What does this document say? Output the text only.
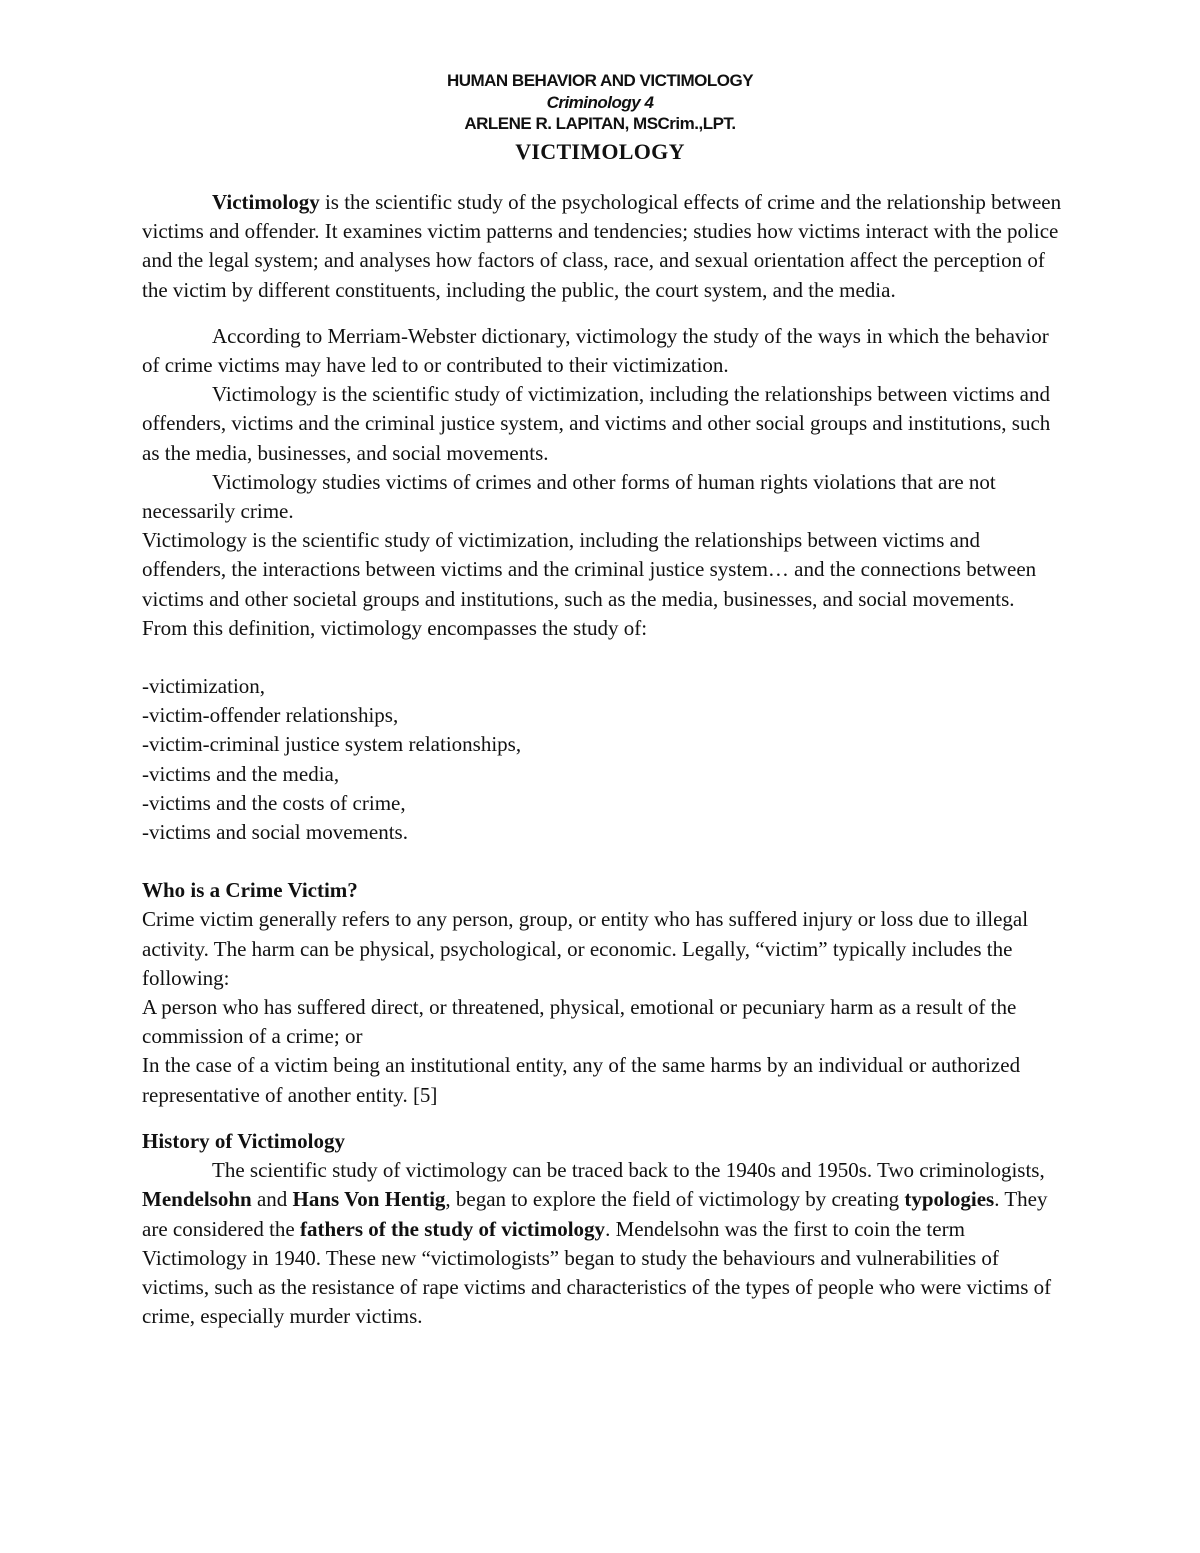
HUMAN BEHAVIOR AND VICTIMOLOGY
Criminology 4
ARLENE R. LAPITAN, MSCrim.,LPT.
VICTIMOLOGY

Victimology is the scientific study of the psychological effects of crime and the relationship between victims and offender. It examines victim patterns and tendencies; studies how victims interact with the police and the legal system; and analyses how factors of class, race, and sexual orientation affect the perception of the victim by different constituents, including the public, the court system, and the media.

According to Merriam-Webster dictionary, victimology the study of the ways in which the behavior of crime victims may have led to or contributed to their victimization.

Victimology is the scientific study of victimization, including the relationships between victims and offenders, victims and the criminal justice system, and victims and other social groups and institutions, such as the media, businesses, and social movements.

Victimology studies victims of crimes and other forms of human rights violations that are not necessarily crime.

Victimology is the scientific study of victimization, including the relationships between victims and offenders, the interactions between victims and the criminal justice system… and the connections between victims and other societal groups and institutions, such as the media, businesses, and social movements. From this definition, victimology encompasses the study of:

-victimization,
-victim-offender relationships,
-victim-criminal justice system relationships,
-victims and the media,
-victims and the costs of crime,
-victims and social movements.

Who is a Crime Victim?

Crime victim generally refers to any person, group, or entity who has suffered injury or loss due to illegal activity. The harm can be physical, psychological, or economic. Legally, “victim” typically includes the following:

A person who has suffered direct, or threatened, physical, emotional or pecuniary harm as a result of the commission of a crime; or

In the case of a victim being an institutional entity, any of the same harms by an individual or authorized representative of another entity. [5]

History of Victimology

The scientific study of victimology can be traced back to the 1940s and 1950s. Two criminologists, Mendelsohn and Hans Von Hentig, began to explore the field of victimology by creating typologies. They are considered the fathers of the study of victimology. Mendelsohn was the first to coin the term Victimology in 1940. These new “victimologists” began to study the behaviours and vulnerabilities of victims, such as the resistance of rape victims and characteristics of the types of people who were victims of crime, especially murder victims.
